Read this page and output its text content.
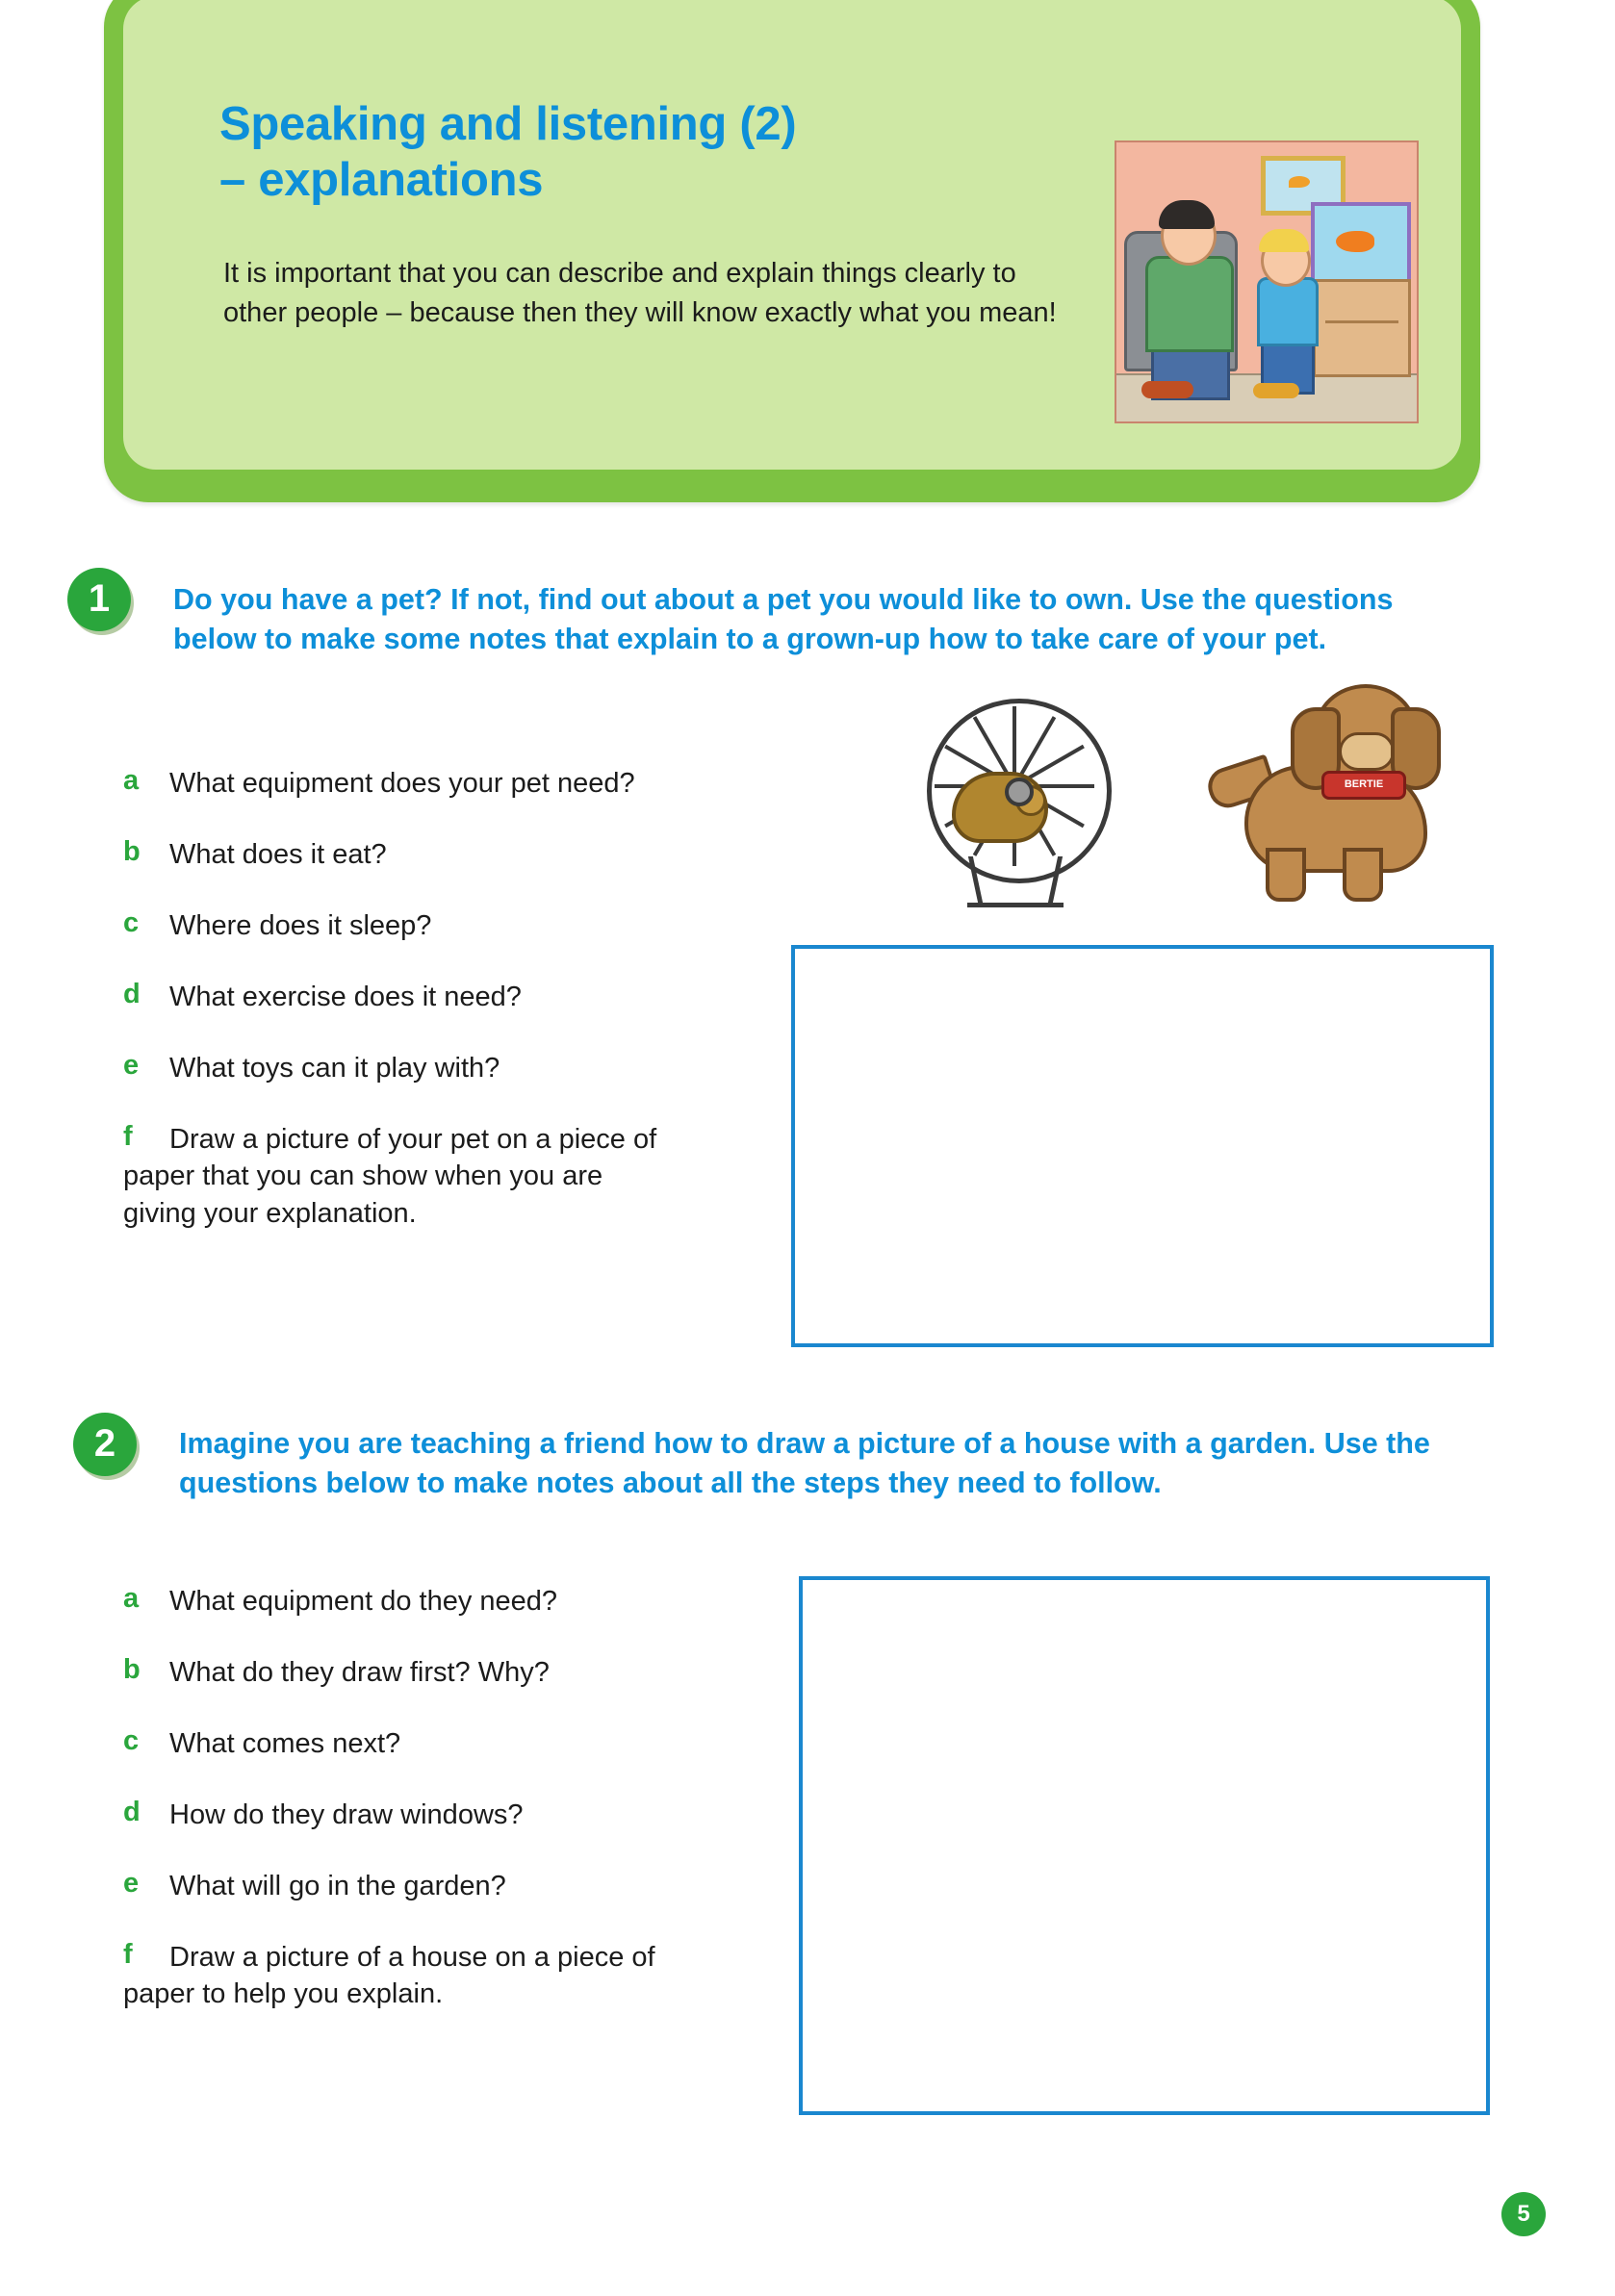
Speaking and listening (2)
– explanations
It is important that you can describe and explain things clearly to other people – because then they will know exactly what you mean!
1	Do you have a pet? If not, find out about a pet you would like to own. Use the questions below to make some notes that explain to a grown-up how to take care of your pet.
a	What equipment does your pet need?
b	What does it eat?
c	Where does it sleep?
d	What exercise does it need?
e	What toys can it play with?
f	Draw a picture of your pet on a piece of paper that you can show when you are giving your explanation.
BERTIE
2	Imagine you are teaching a friend how to draw a picture of a house with a garden. Use the questions below to make notes about all the steps they need to follow.
a	What equipment do they need?
b	What do they draw first? Why?
c	What comes next?
d	How do they draw windows?
e	What will go in the garden?
f	Draw a picture of a house on a piece of paper to help you explain.
5
